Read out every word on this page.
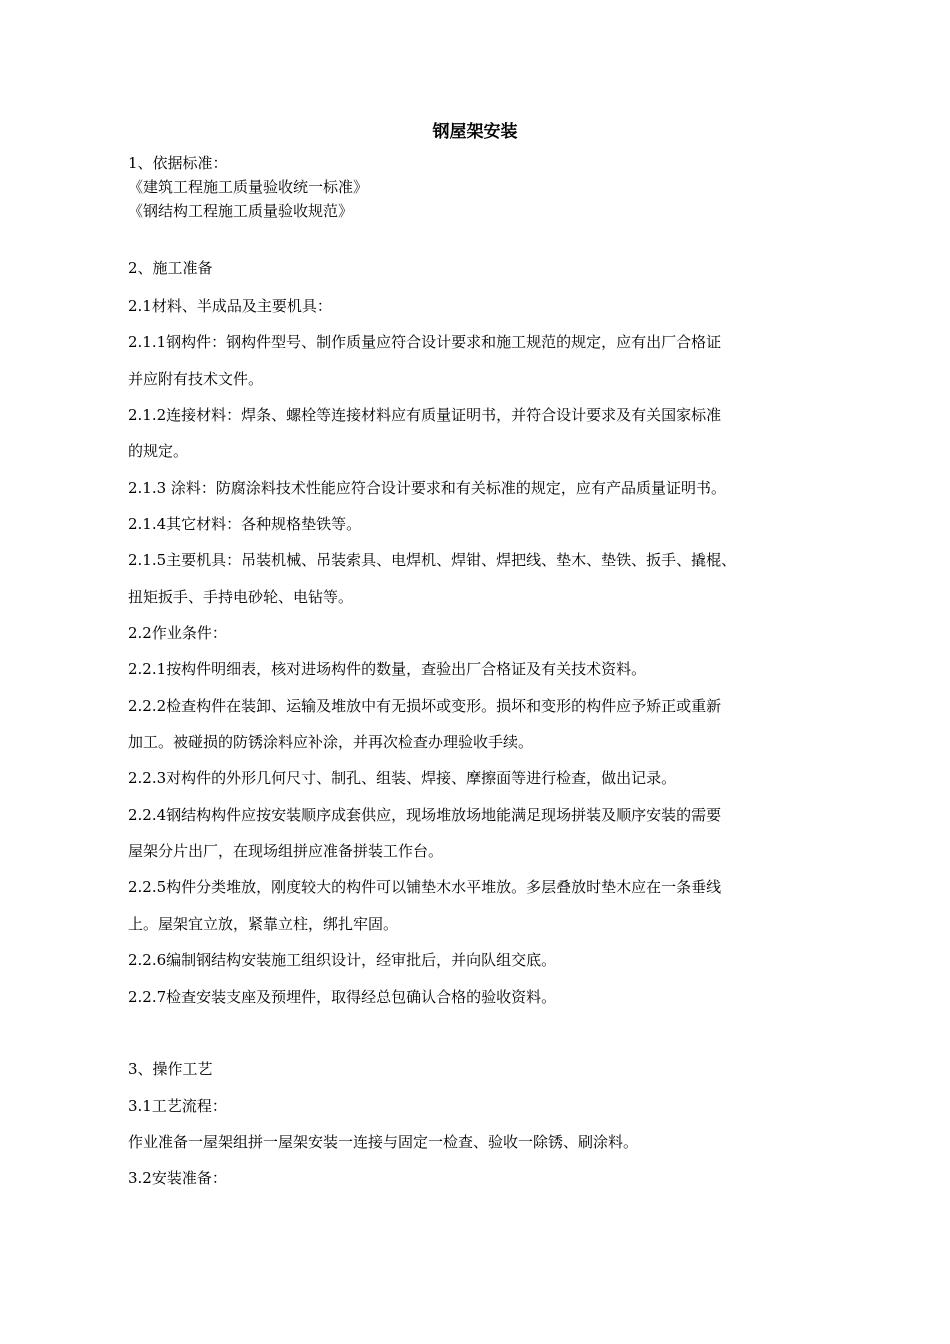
钢屋架安装
1、依据标准：
《建筑工程施工质量验收统一标准》
《钢结构工程施工质量验收规范》
2、施工准备
2.1材料、半成品及主要机具：
2.1.1钢构件：钢构件型号、制作质量应符合设计要求和施工规范的规定，应有出厂合格证
并应附有技术文件。
2.1.2连接材料：焊条、螺栓等连接材料应有质量证明书，并符合设计要求及有关国家标准
的规定。
2.1.3 涂料：防腐涂料技术性能应符合设计要求和有关标准的规定，应有产品质量证明书。
2.1.4其它材料：各种规格垫铁等。
2.1.5主要机具：吊装机械、吊装索具、电焊机、焊钳、焊把线、垫木、垫铁、扳手、撬棍、
扭矩扳手、手持电砂轮、电钻等。
2.2作业条件：
2.2.1按构件明细表，核对进场构件的数量，查验出厂合格证及有关技术资料。
2.2.2检查构件在装卸、运输及堆放中有无损坏或变形。损坏和变形的构件应予矫正或重新
加工。被碰损的防锈涂料应补涂，并再次检查办理验收手续。
2.2.3对构件的外形几何尺寸、制孔、组装、焊接、摩擦面等进行检查，做出记录。
2.2.4钢结构构件应按安装顺序成套供应，现场堆放场地能满足现场拼装及顺序安装的需要
屋架分片出厂，在现场组拼应准备拼装工作台。
2.2.5构件分类堆放，刚度较大的构件可以铺垫木水平堆放。多层叠放时垫木应在一条垂线
上。屋架宜立放，紧靠立柱，绑扎牢固。
2.2.6编制钢结构安装施工组织设计，经审批后，并向队组交底。
2.2.7检查安装支座及预埋件，取得经总包确认合格的验收资料。
3、操作工艺
3.1工艺流程：
作业准备一屋架组拼一屋架安装一连接与固定一检查、验收一除锈、刷涂料。
3.2安装准备：
